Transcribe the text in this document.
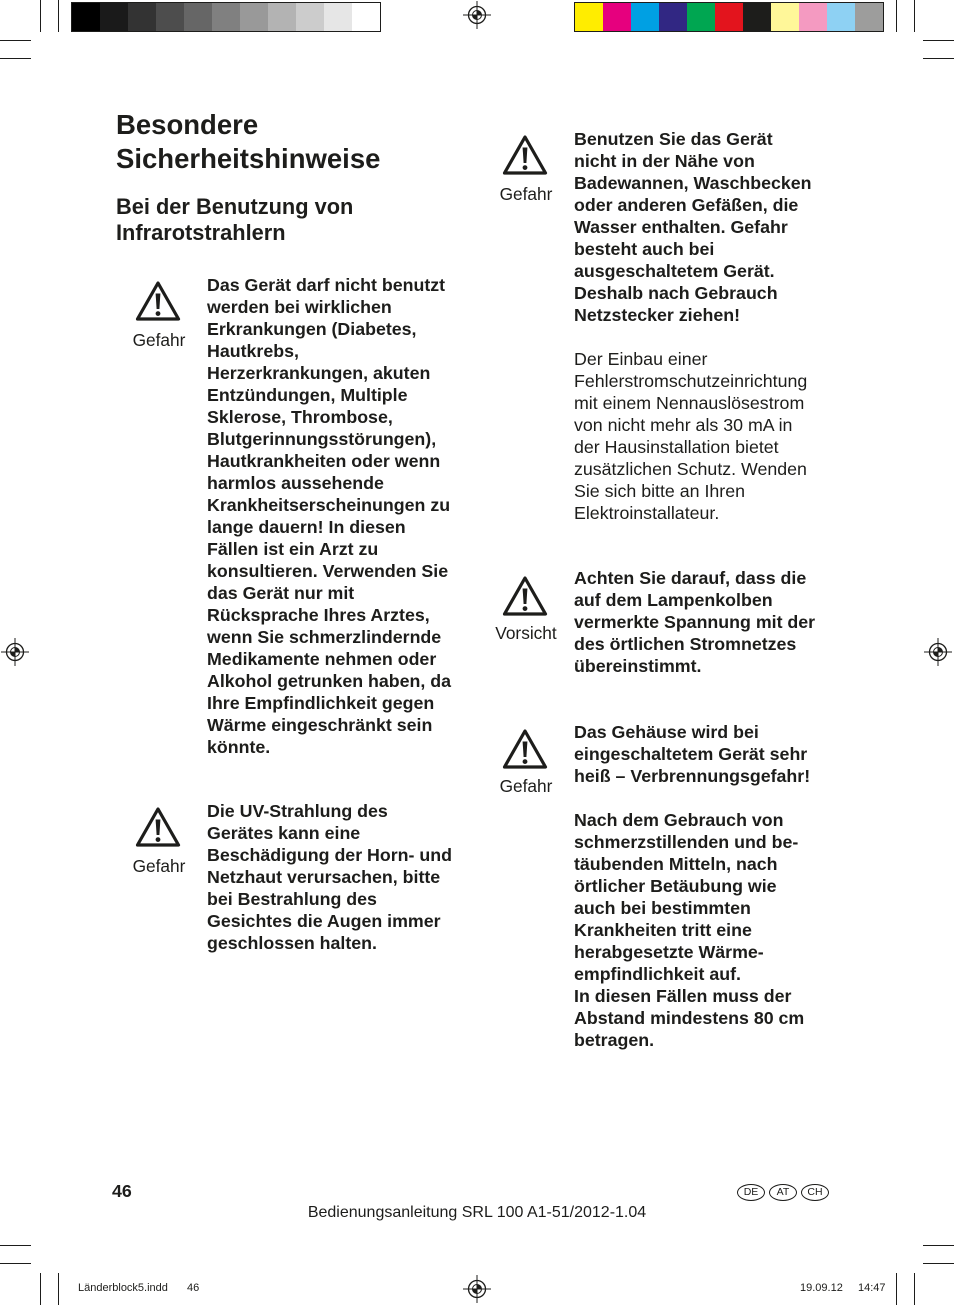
Besondere
Sicherheitshinweise
Bei der Benutzung von
Infrarotstrahlern
Gefahr

Das Gerät darf nicht benutzt
werden bei wirklichen
Erkrankungen (Diabetes,
Hautkrebs,
Herzerkrankungen, akuten
Entzündungen, Multiple
Sklerose, Thrombose,
Blutgerinnungsstörungen),
Hautkrankheiten oder wenn
harmlos aussehende
Krankheitserscheinungen zu
lange dauern! In diesen
Fällen ist ein Arzt zu
konsultieren. Verwenden Sie
das Gerät nur mit
Rücksprache Ihres Arztes,
wenn Sie schmerzlindernde
Medikamente nehmen oder
Alkohol getrunken haben, da
Ihre Empfindlichkeit gegen
Wärme eingeschränkt sein
könnte.

Gefahr

Die UV-Strahlung des
Gerätes kann eine
Beschädigung der Horn- und
Netzhaut verursachen, bitte
bei Bestrahlung des
Gesichtes die Augen immer
geschlossen halten.

Gefahr

Benutzen Sie das Gerät
nicht in der Nähe von
Badewannen, Waschbecken
oder anderen Gefäßen, die
Wasser enthalten. Gefahr
besteht auch bei
ausgeschaltetem Gerät.
Deshalb nach Gebrauch
Netzstecker ziehen!

Der Einbau einer
Fehlerstromschutzeinrichtung
mit einem Nennauslösestrom
von nicht mehr als 30 mA in
der Hausinstallation bietet
zusätzlichen Schutz. Wenden
Sie sich bitte an Ihren
Elektroinstallateur.

Vorsicht

Achten Sie darauf, dass die
auf dem Lampenkolben
vermerkte Spannung mit der
des örtlichen Stromnetzes
übereinstimmt.

Gefahr

Das Gehäuse wird bei
eingeschaltetem Gerät sehr
heiß – Verbrennungsgefahr!

Nach dem Gebrauch von
schmerzstillenden und be-
täubenden Mitteln, nach
örtlicher Betäubung wie
auch bei bestimmten
Krankheiten tritt eine
herabgesetzte Wärme-
empfindlichkeit auf.
In diesen Fällen muss der
Abstand mindestens 80 cm
betragen.

46	DE	AT	CH
Bedienungsanleitung SRL 100 A1-51/2012-1.04
Länderblock5.indd 46	19.09.12 14:47
